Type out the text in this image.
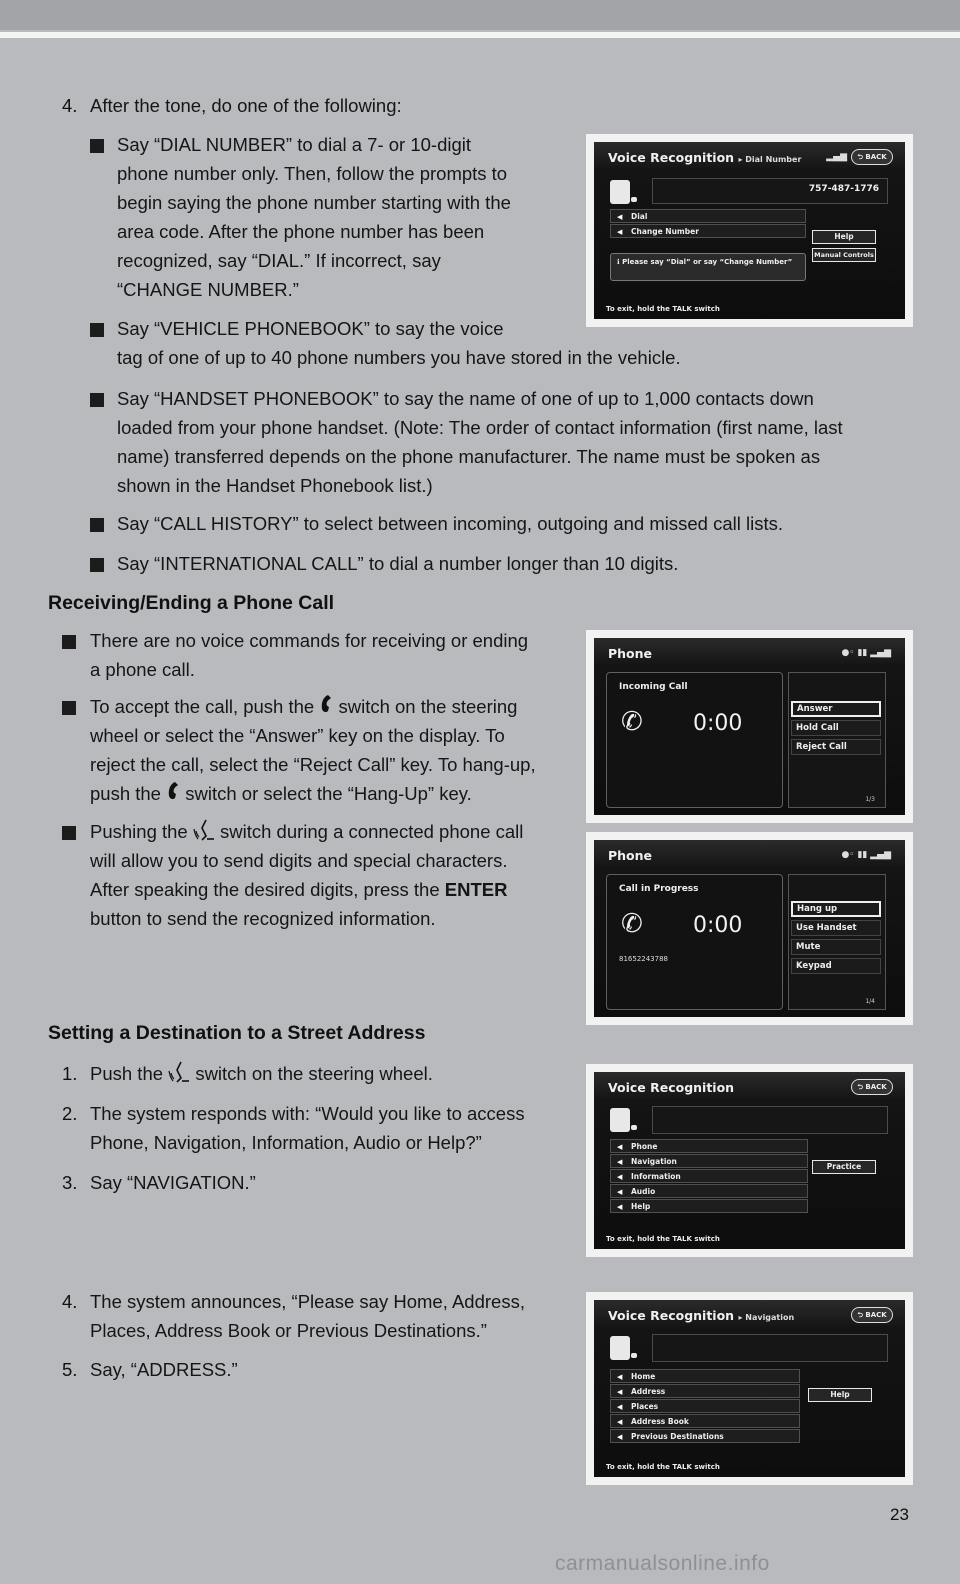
4. After the tone, do one of the following:
Say “DIAL NUMBER” to dial a 7- or 10-digit
phone number only. Then, follow the prompts to
begin saying the phone number starting with the
area code. After the phone number has been
recognized, say “DIAL.” If incorrect, say
“CHANGE NUMBER.”
Say “VEHICLE PHONEBOOK” to say the voice
tag of one of up to 40 phone numbers you have stored in the vehicle.
Say “HANDSET PHONEBOOK” to say the name of one of up to 1,000 contacts down
loaded from your phone handset. (Note: The order of contact information (first name, last
name) transferred depends on the phone manufacturer. The name must be spoken as
shown in the Handset Phonebook list.)
Say “CALL HISTORY” to select between incoming, outgoing and missed call lists.
Say “INTERNATIONAL CALL” to dial a number longer than 10 digits.
Receiving/Ending a Phone Call
There are no voice commands for receiving or ending
a phone call.
To accept the call, push the switch on the steering
wheel or select the “Answer” key on the display. To
reject the call, select the “Reject Call” key. To hang-up,
push the switch or select the “Hang-Up” key.
Pushing the switch during a connected phone call
will allow you to send digits and special characters.
After speaking the desired digits, press the ENTER
button to send the recognized information.
Setting a Destination to a Street Address
1. Push the switch on the steering wheel.
2. The system responds with: “Would you like to access
Phone, Navigation, Information, Audio or Help?”
3. Say “NAVIGATION.”
4. The system announces, “Please say Home, Address,
Places, Address Book or Previous Destinations.”
5. Say, “ADDRESS.”
Voice Recognition ▸ Dial Number	▂▄▆	⮌ BACK
757-487-1776
◀ Dial
◀ Change Number
Help
Manual Controls
ℹ Please say “Dial” or say “Change Number”
To exit, hold the TALK switch
Phone	●◦ ▮▮ ▂▄▆
Incoming Call
✆ 0:00
Answer
Hold Call
Reject Call
1/3
Phone	●◦ ▮▮ ▂▄▆
Call in Progress
✆ 0:00
81652243788
Hang up
Use Handset
Mute
Keypad
1/4
Voice Recognition	⮌ BACK
◀ Phone
◀ Navigation
◀ Information
◀ Audio
◀ Help
Practice
To exit, hold the TALK switch
Voice Recognition ▸ Navigation	⮌ BACK
◀ Home
◀ Address
◀ Places
◀ Address Book
◀ Previous Destinations
Help
To exit, hold the TALK switch
23
carmanualsonline.info
